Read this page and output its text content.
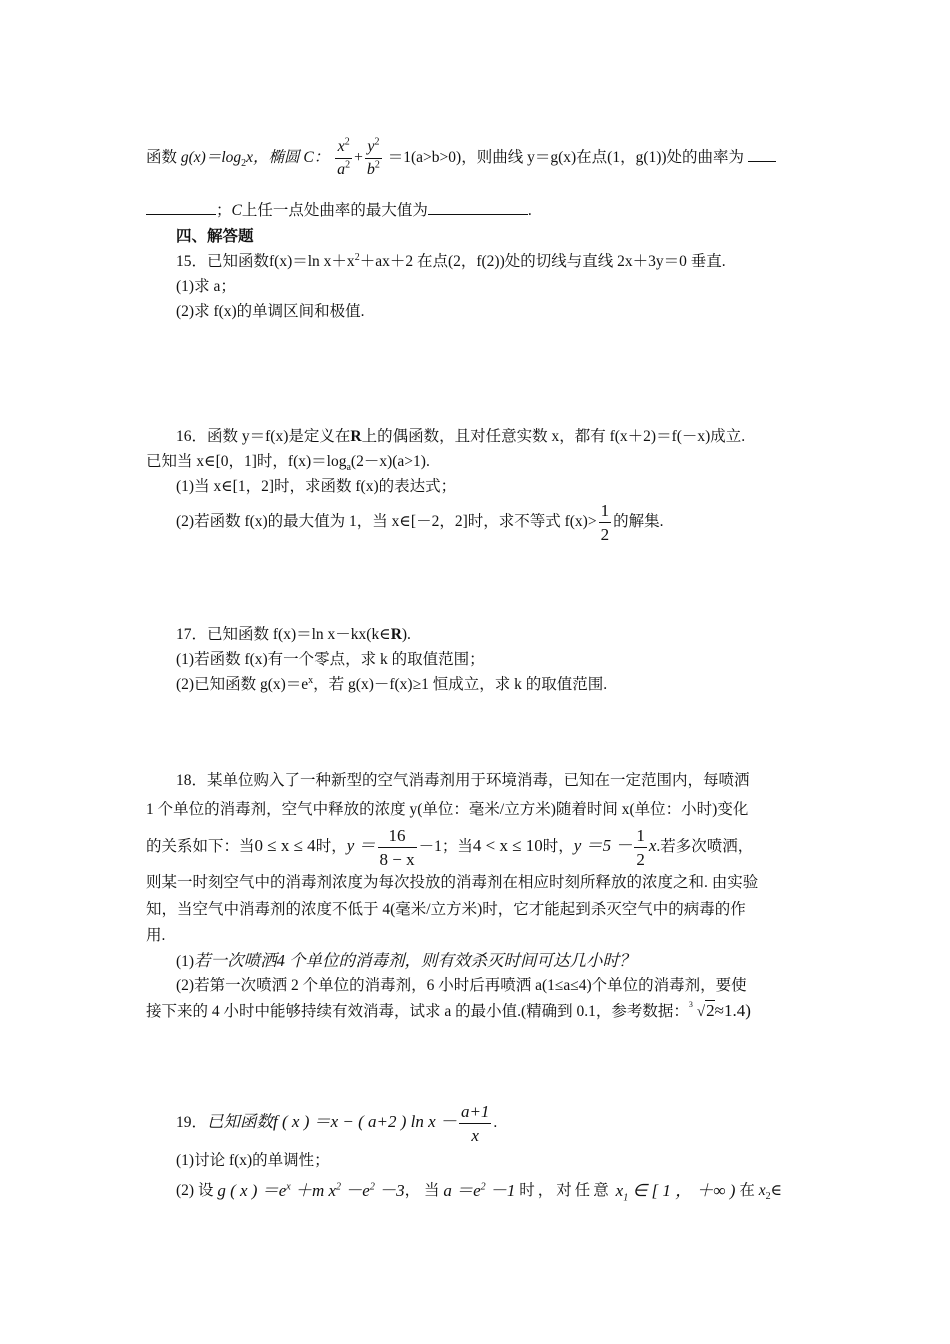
函数 $g(x)=\log_2x$，椭圆 C： $\frac{x^2}{a^2} + \frac{y^2}{b^2} =1(a>b>0)$，则曲线 y＝g(x)在点(1，g(1))处的曲率为
；C上任一点处曲率的最大值为	.
四、解答题
15．已知函数f(x)＝ln $x+x^2+ax+2$ 在点(2，f(2))处的切线与直线 2x＋3y＝0 垂直.
(1)求 a；
(2)求 f(x)的单调区间和极值.
16．函数 y＝f(x)是定义在R上的偶函数，且对任意实数 x，都有 f(x＋2)＝f(－x)成立.
已知当 x∈[0，1]时，$f(x)=\log_a(2-x)(a>1)$.
(1)当 x∈[1，2]时，求函数 f(x)的表达式；
(2)若函数 f(x)的最大值为 1，当 x∈[－2，2]时，求不等式 $f(x)> \frac{1}{2}$ 的解集.
17．已知函数 f(x)＝ln x－kx(k∈R).
(1)若函数 f(x)有一个零点，求 k 的取值范围；
(2)已知函数 $g(x)=e^x$，若 g(x)－f(x)≥1 恒成立，求 k 的取值范围.
18．某单位购入了一种新型的空气消毒剂用于环境消毒，已知在一定范围内，每喷洒
1 个单位的消毒剂，空气中释放的浓度 y(单位：毫米/立方米)随着时间 x(单位：小时)变化
的关系如下：当0 ≤ x ≤ 4时，$y = \frac{16}{8 - x} -1$；当4 < x ≤ 10时，$y =5 - \frac{1}{2} x$.若多次喷洒，
则某一时刻空气中的消毒剂浓度为每次投放的消毒剂在相应时刻所释放的浓度之和. 由实验
知，当空气中消毒剂的浓度不低于 4(毫米/立方米)时，它才能起到杀灭空气中的病毒的作
用.
(1)若一次喷洒4 个单位的消毒剂，则有效杀灭时间可达几小时？
(2)若第一次喷洒 2 个单位的消毒剂，6 小时后再喷洒 a(1≤a≤4)个单位的消毒剂，要使
接下来的 4 小时中能够持续有效消毒，试求 a 的最小值.(精确到 0.1，参考数据： 3 √2≈1.4)
19．已知函数f ( x ) ＝x − ( a+2 ) $\ln x - \frac{a+1}{x}$ .
(1)讨论 f(x)的单调性；
(2) 设 g ( x ) $=e^x +m$ $x^2 -e^2 -3$， 当 $a =e^2 -1$ 时，对任意 $x_1$ ∈ [ 1 ， ＋∞ ) 在 $x_2\in$
